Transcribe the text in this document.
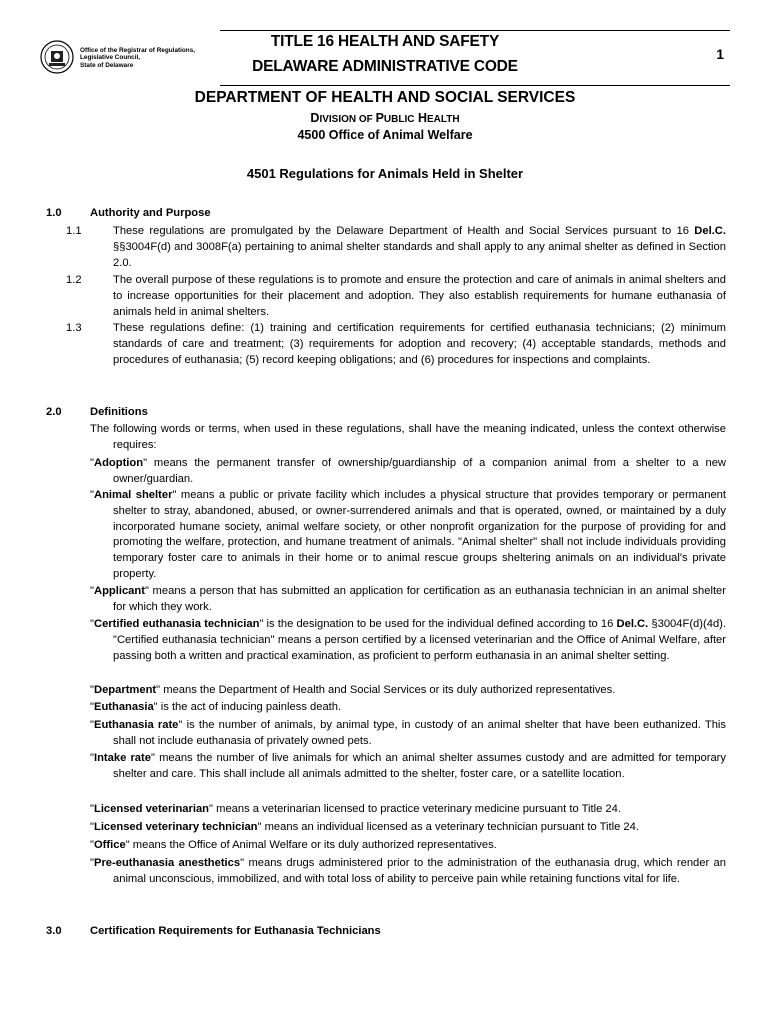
Office of the Registrar of Regulations,
Legislative Council,
State of Delaware
TITLE 16 HEALTH AND SAFETY
DELAWARE ADMINISTRATIVE CODE
1
DEPARTMENT OF HEALTH AND SOCIAL SERVICES
DIVISION OF PUBLIC HEALTH
4500 Office of Animal Welfare
4501 Regulations for Animals Held in Shelter
1.0	Authority and Purpose
1.1	These regulations are promulgated by the Delaware Department of Health and Social Services pursuant to 16 Del.C. §§3004F(d) and 3008F(a) pertaining to animal shelter standards and shall apply to any animal shelter as defined in Section 2.0.
1.2	The overall purpose of these regulations is to promote and ensure the protection and care of animals in animal shelters and to increase opportunities for their placement and adoption. They also establish requirements for humane euthanasia of animals held in animal shelters.
1.3	These regulations define: (1) training and certification requirements for certified euthanasia technicians; (2) minimum standards of care and treatment; (3) requirements for adoption and recovery; (4) acceptable standards, methods and procedures of euthanasia; (5) record keeping obligations; and (6) procedures for inspections and complaints.
2.0	Definitions
The following words or terms, when used in these regulations, shall have the meaning indicated, unless the context otherwise requires:
"Adoption" means the permanent transfer of ownership/guardianship of a companion animal from a shelter to a new owner/guardian.
"Animal shelter" means a public or private facility which includes a physical structure that provides temporary or permanent shelter to stray, abandoned, abused, or owner-surrendered animals and that is operated, owned, or maintained by a duly incorporated humane society, animal welfare society, or other nonprofit organization for the purpose of providing for and promoting the welfare, protection, and humane treatment of animals. "Animal shelter" shall not include individuals providing temporary foster care to animals in their home or to animal rescue groups sheltering animals on an individual's private property.
"Applicant" means a person that has submitted an application for certification as an euthanasia technician in an animal shelter for which they work.
"Certified euthanasia technician" is the designation to be used for the individual defined according to 16 Del.C. §3004F(d)(4d). "Certified euthanasia technician" means a person certified by a licensed veterinarian and the Office of Animal Welfare, after passing both a written and practical examination, as proficient to perform euthanasia in an animal shelter setting.
"Department" means the Department of Health and Social Services or its duly authorized representatives.
"Euthanasia" is the act of inducing painless death.
"Euthanasia rate" is the number of animals, by animal type, in custody of an animal shelter that have been euthanized. This shall not include euthanasia of privately owned pets.
"Intake rate" means the number of live animals for which an animal shelter assumes custody and are admitted for temporary shelter and care. This shall include all animals admitted to the shelter, foster care, or a satellite location.
"Licensed veterinarian" means a veterinarian licensed to practice veterinary medicine pursuant to Title 24.
"Licensed veterinary technician" means an individual licensed as a veterinary technician pursuant to Title 24.
"Office" means the Office of Animal Welfare or its duly authorized representatives.
"Pre-euthanasia anesthetics" means drugs administered prior to the administration of the euthanasia drug, which render an animal unconscious, immobilized, and with total loss of ability to perceive pain while retaining functions vital for life.
3.0	Certification Requirements for Euthanasia Technicians
